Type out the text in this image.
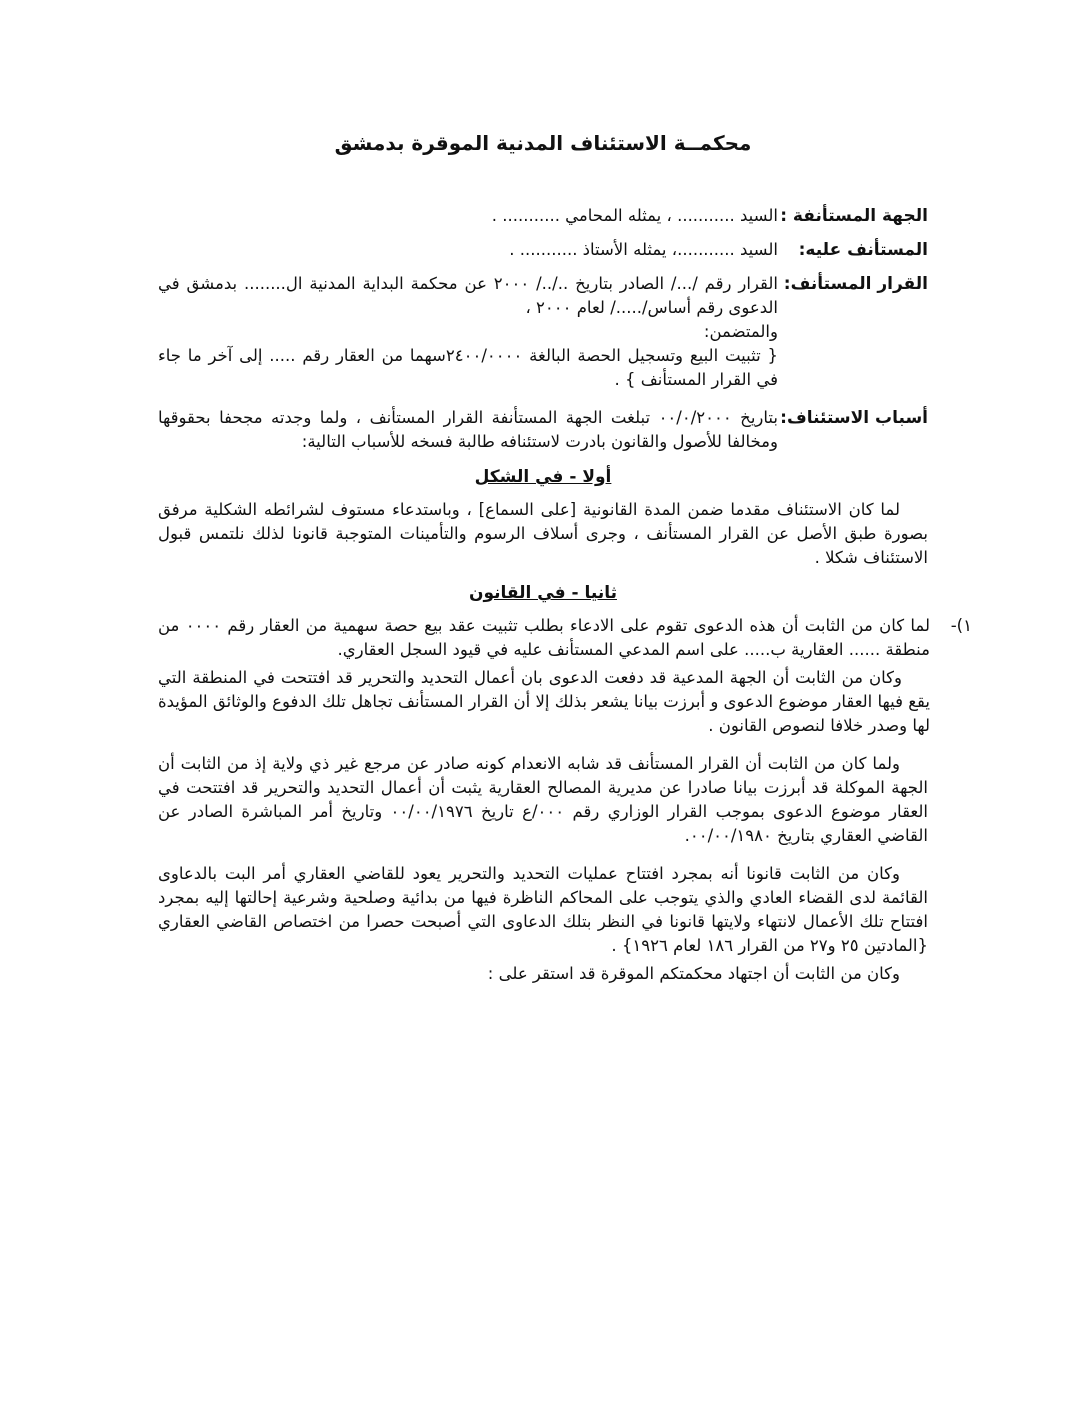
محكمــة الاستئناف المدنية الموقرة بدمشق
الجهة المستأنفة :

السيد ........... ، يمثله المحامي ........... .

المستأنف عليه:

السيد ...........، يمثله الأستاذ ........... .

القرار المستأنف:

القرار رقم /.../ الصادر بتاريخ ../../ ٢٠٠٠ عن محكمة البداية المدنية ال........ بدمشق في الدعوى رقم أساس/...../ لعام ٢٠٠٠ ،

والمتضمن:

{ تثبيت البيع وتسجيل الحصة البالغة ٢٤٠٠/٠٠٠٠سهما من العقار رقم ..... إلى آخر ما جاء في القرار المستأنف } .

أسباب الاستئناف:

بتاريخ ٠٠/٠/٢٠٠٠ تبلغت الجهة المستأنفة القرار المستأنف ، ولما وجدته مجحفا بحقوقها ومخالفا للأصول والقانون بادرت لاستئنافه طالبة فسخه للأسباب التالية:

أولا - في الشكل

لما كان الاستئناف مقدما ضمن المدة القانونية [على السماع] ، وباستدعاء مستوف لشرائطه الشكلية مرفق بصورة طبق الأصل عن القرار المستأنف ، وجرى أسلاف الرسوم والتأمينات المتوجبة قانونا لذلك نلتمس قبول الاستئناف شكلا .

ثانيا - في القانون
١)-

لما كان من الثابت أن هذه الدعوى تقوم على الادعاء بطلب تثبيت عقد بيع حصة سهمية من العقار رقم ٠٠٠٠ من منطقة ...... العقارية ب..... على اسم المدعي المستأنف عليه في قيود السجل العقاري.

وكان من الثابت أن الجهة المدعية قد دفعت الدعوى بان أعمال التحديد والتحرير قد افتتحت في المنطقة التي يقع فيها العقار موضوع الدعوى و أبرزت بيانا يشعر بذلك إلا أن القرار المستأنف تجاهل تلك الدفوع والوثائق المؤيدة لها وصدر خلافا لنصوص القانون .

ولما كان من الثابت أن القرار المستأنف قد شابه الانعدام كونه صادر عن مرجع غير ذي ولاية إذ من الثابت أن الجهة الموكلة قد أبرزت بيانا صادرا عن مديرية المصالح العقارية يثبت أن أعمال التحديد والتحرير قد افتتحت في العقار موضوع الدعوى بموجب القرار الوزاري رقم ٠٠٠/ع تاريخ ٠٠/٠٠/١٩٧٦ وتاريخ أمر المباشرة الصادر عن القاضي العقاري بتاريخ ٠٠/٠٠/١٩٨٠.

وكان من الثابت قانونا أنه بمجرد افتتاح عمليات التحديد والتحرير يعود للقاضي العقاري أمر البت بالدعاوى القائمة لدى القضاء العادي والذي يتوجب على المحاكم الناظرة فيها من بدائية وصلحية وشرعية إحالتها إليه بمجرد افتتاح تلك الأعمال لانتهاء ولايتها قانونا في النظر بتلك الدعاوى التي أصبحت حصرا من اختصاص القاضي العقاري {المادتين ٢٥ و٢٧ من القرار ١٨٦ لعام ١٩٢٦} .

وكان من الثابت أن اجتهاد محكمتكم الموقرة قد استقر على :
